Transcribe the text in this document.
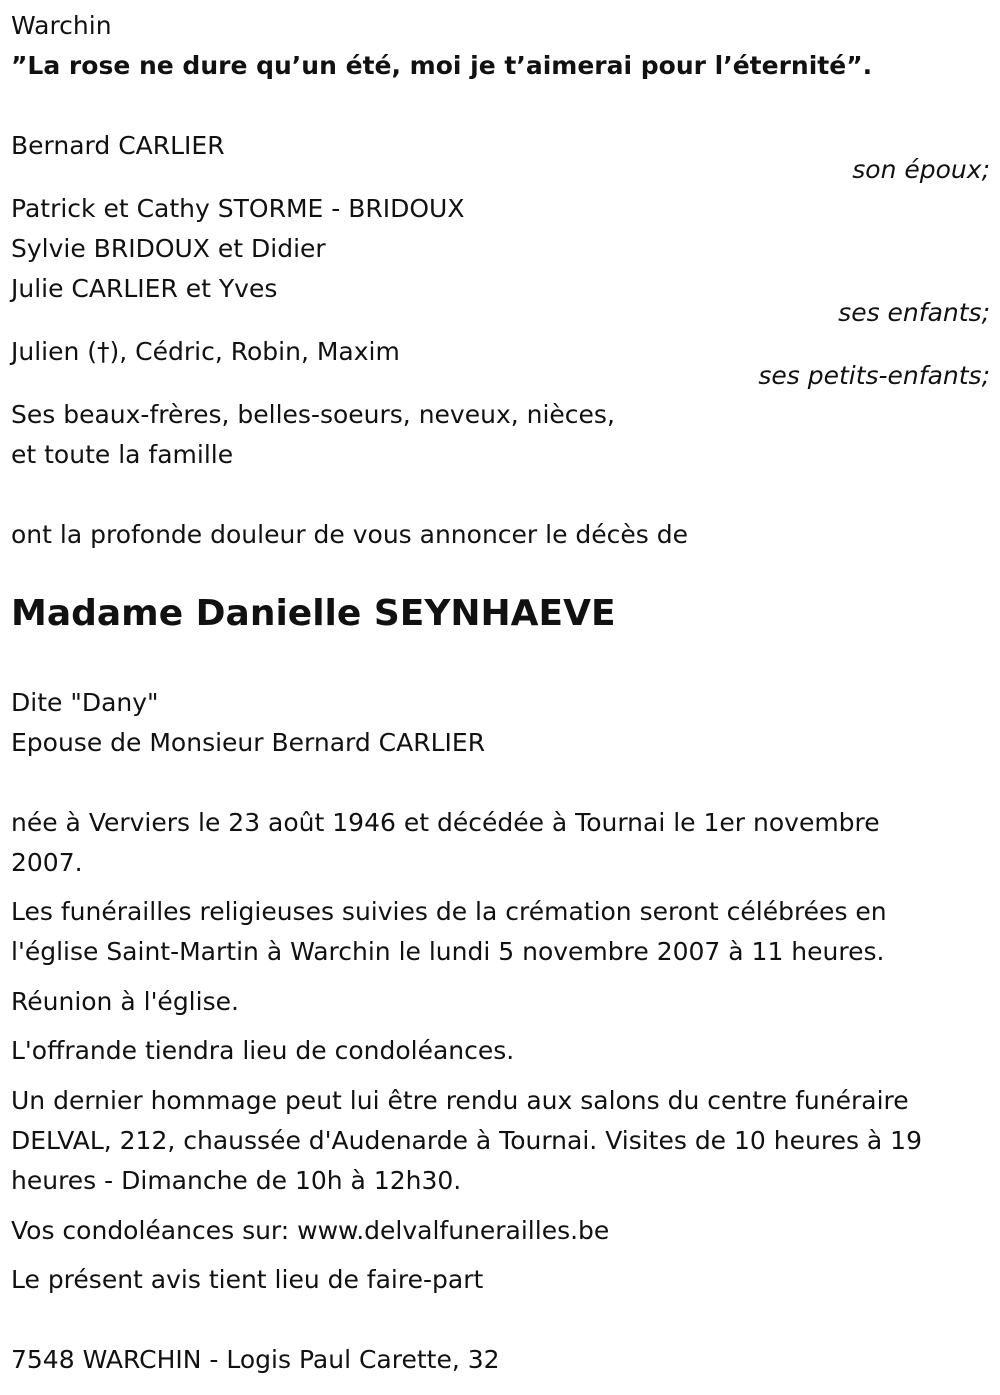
Warchin

”La rose ne dure qu’un été, moi je t’aimerai pour l’éternité”.

Bernard CARLIER

son époux;

Patrick et Cathy STORME - BRIDOUX

Sylvie BRIDOUX et Didier

Julie CARLIER et Yves

ses enfants;

Julien (†), Cédric, Robin, Maxim

ses petits-enfants;

Ses beaux-frères, belles-soeurs, neveux, nièces,

et toute la famille

ont la profonde douleur de vous annoncer le décès de

Madame Danielle SEYNHAEVE

Dite "Dany"

Epouse de Monsieur Bernard CARLIER

née à Verviers le 23 août 1946 et décédée à Tournai le 1er novembre

2007.

Les funérailles religieuses suivies de la crémation seront célébrées en

l'église Saint-Martin à Warchin le lundi 5 novembre 2007 à 11 heures.

Réunion à l'église.

L'offrande tiendra lieu de condoléances.

Un dernier hommage peut lui être rendu aux salons du centre funéraire

DELVAL, 212, chaussée d'Audenarde à Tournai. Visites de 10 heures à 19

heures - Dimanche de 10h à 12h30.

Vos condoléances sur: www.delvalfunerailles.be

Le présent avis tient lieu de faire-part

7548 WARCHIN - Logis Paul Carette, 32
